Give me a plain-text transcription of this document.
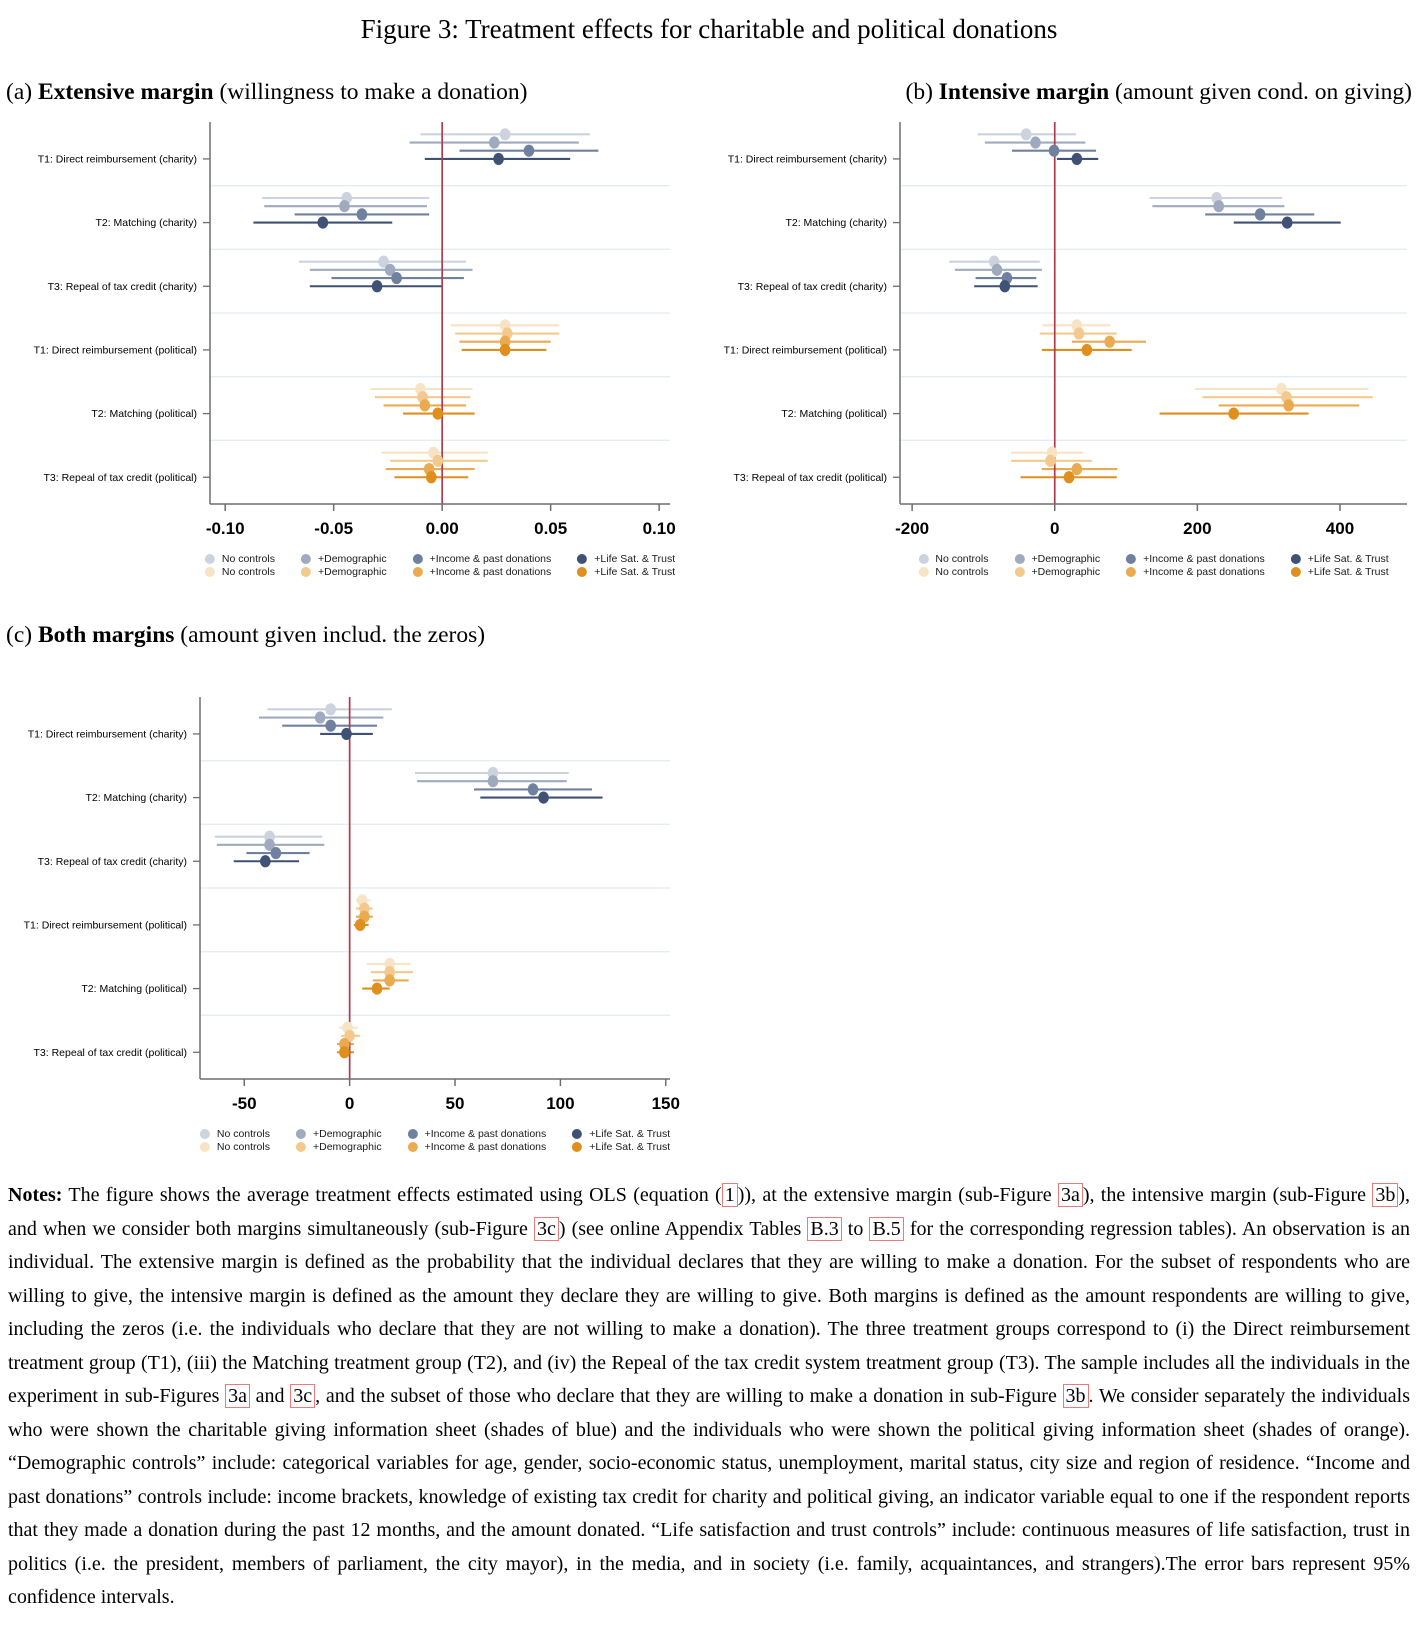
Figure 3: Treatment effects for charitable and political donations
(a) Extensive margin (willingness to make a donation)	(b) Intensive margin (amount given cond. on giving)
T1: Direct reimbursement (charity)
T2: Matching (charity)
T3: Repeal of tax credit (charity)
T1: Direct reimbursement (political)
T2: Matching (political)
T3: Repeal of tax credit (political)
-0.10	-0.05	0.00	0.05	0.10
No controls	+Demographic	+Income & past donations	+Life Sat. & Trust
No controls	+Demographic	+Income & past donations	+Life Sat. & Trust
T1: Direct reimbursement (charity)
T2: Matching (charity)
T3: Repeal of tax credit (charity)
T1: Direct reimbursement (political)
T2: Matching (political)
T3: Repeal of tax credit (political)
-200	0	200	400
No controls	+Demographic	+Income & past donations	+Life Sat. & Trust
No controls	+Demographic	+Income & past donations	+Life Sat. & Trust
(c) Both margins (amount given includ. the zeros)
T1: Direct reimbursement (charity)
T2: Matching (charity)
T3: Repeal of tax credit (charity)
T1: Direct reimbursement (political)
T2: Matching (political)
T3: Repeal of tax credit (political)
-50	0	50	100	150
No controls	+Demographic	+Income & past donations	+Life Sat. & Trust
No controls	+Demographic	+Income & past donations	+Life Sat. & Trust

Notes: The figure shows the average treatment effects estimated using OLS (equation ( 1 )), at the extensive margin (sub-Figure 3a ), the intensive margin (sub-Figure 3b ), and when we consider both margins simultaneously (sub-Figure 3c ) (see online Appendix Tables B.3 to B.5 for the corresponding regression tables). An observation is an individual. The extensive margin is defined as the probability that the individual declares that they are willing to make a donation. For the subset of respondents who are willing to give, the intensive margin is defined as the amount they declare they are willing to give. Both margins is defined as the amount respondents are willing to give, including the zeros (i.e. the individuals who declare that they are not willing to make a donation). The three treatment groups correspond to (i) the Direct reimbursement treatment group (T1), (iii) the Matching treatment group (T2), and (iv) the Repeal of the tax credit system treatment group (T3). The sample includes all the individuals in the experiment in sub-Figures 3a and 3c , and the subset of those who declare that they are willing to make a donation in sub-Figure 3b . We consider separately the individuals who were shown the charitable giving information sheet (shades of blue) and the individuals who were shown the political giving information sheet (shades of orange). “Demographic controls” include: categorical variables for age, gender, socio-economic status, unemployment, marital status, city size and region of residence. “Income and past donations” controls include: income brackets, knowledge of existing tax credit for charity and political giving, an indicator variable equal to one if the respondent reports that they made a donation during the past 12 months, and the amount donated. “Life satisfaction and trust controls” include: continuous measures of life satisfaction, trust in politics (i.e. the president, members of parliament, the city mayor), in the media, and in society (i.e. family, acquaintances, and strangers).The error bars represent 95% confidence intervals.
